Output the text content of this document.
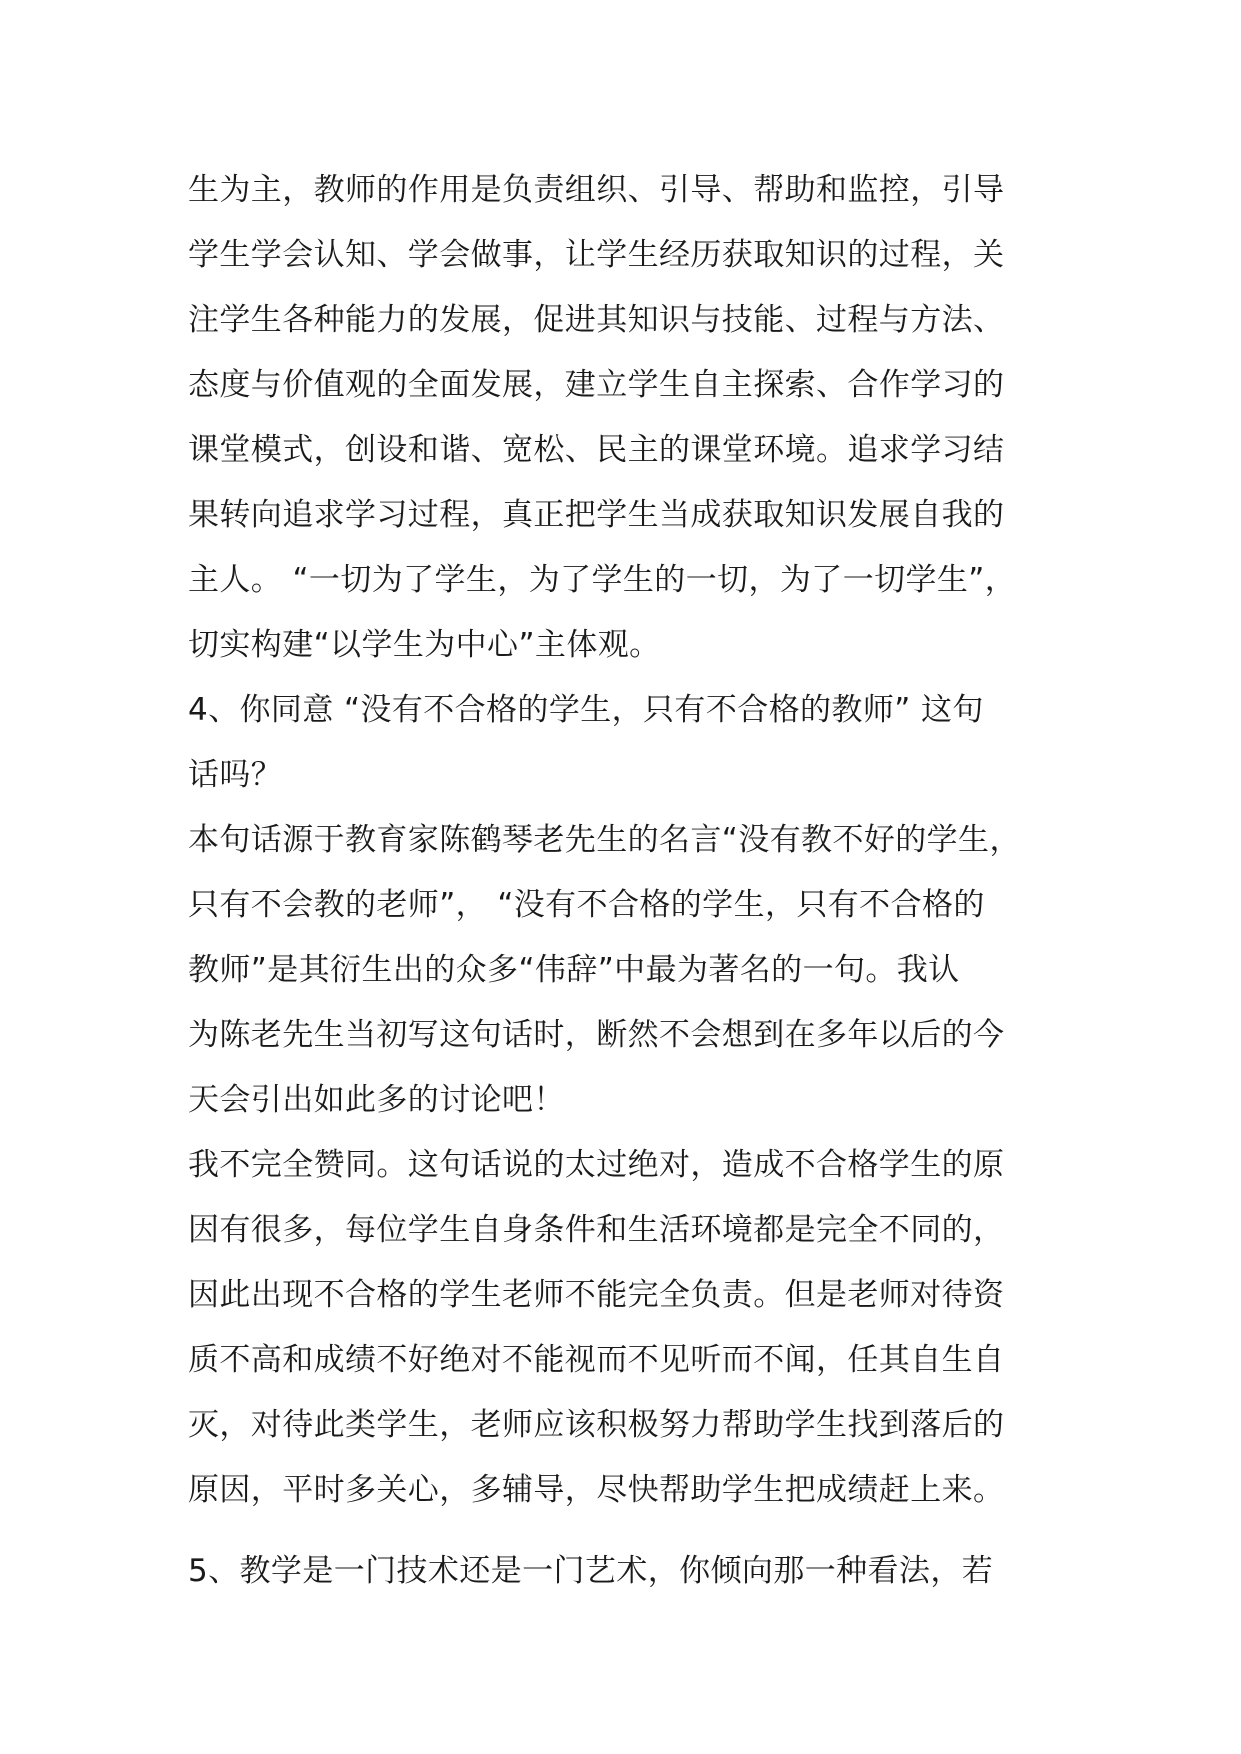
生为主，教师的作用是负责组织、引导、帮助和监控，引导
学生学会认知、学会做事，让学生经历获取知识的过程，关
注学生各种能力的发展，促进其知识与技能、过程与方法、
态度与价值观的全面发展，建立学生自主探索、合作学习的
课堂模式，创设和谐、宽松、民主的课堂环境。追求学习结
果转向追求学习过程，真正把学生当成获取知识发展自我的
主人。 “一切为了学生，为了学生的一切，为了一切学生”，
切实构建“以学生为中心”主体观。
4、你同意 “没有不合格的学生，只有不合格的教师” 这句
话吗？
本句话源于教育家陈鹤琴老先生的名言“没有教不好的学生，
只有不会教的老师”， “没有不合格的学生，只有不合格的
教师”是其衍生出的众多“伟辞”中最为著名的一句。我认
为陈老先生当初写这句话时，断然不会想到在多年以后的今
天会引出如此多的讨论吧！
我不完全赞同。这句话说的太过绝对，造成不合格学生的原
因有很多，每位学生自身条件和生活环境都是完全不同的，
因此出现不合格的学生老师不能完全负责。但是老师对待资
质不高和成绩不好绝对不能视而不见听而不闻，任其自生自
灭，对待此类学生，老师应该积极努力帮助学生找到落后的
原因，平时多关心，多辅导，尽快帮助学生把成绩赶上来。
5、教学是一门技术还是一门艺术，你倾向那一种看法，若
